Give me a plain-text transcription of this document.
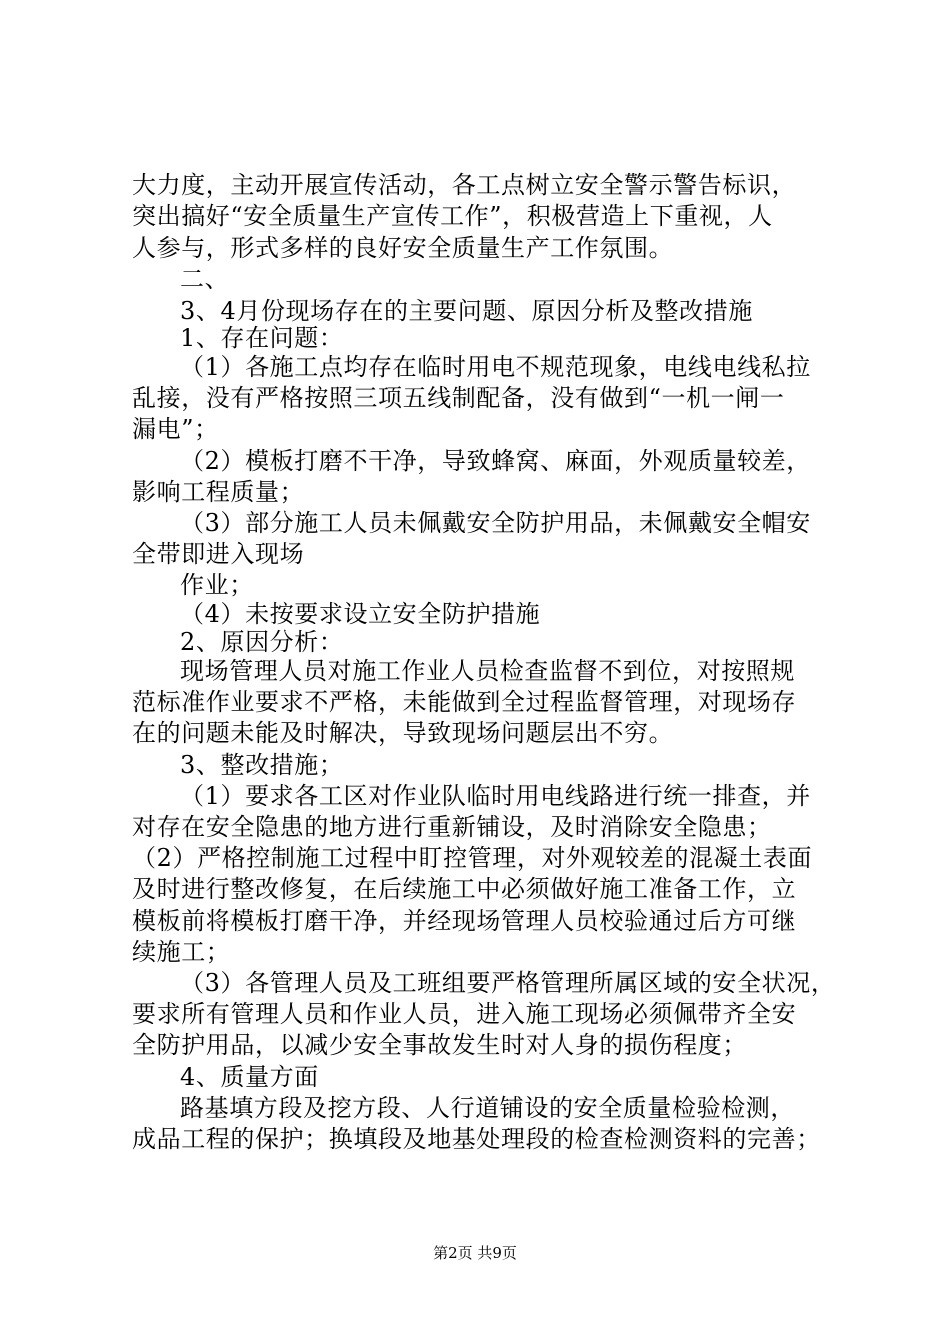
大力度，主动开展宣传活动，各工点树立安全警示警告标识，
突出搞好“安全质量生产宣传工作”，积极营造上下重视，人
人参与，形式多样的良好安全质量生产工作氛围。
二、
3、4月份现场存在的主要问题、原因分析及整改措施
1、存在问题：
（1）各施工点均存在临时用电不规范现象，电线电线私拉
乱接，没有严格按照三项五线制配备，没有做到“一机一闸一
漏电”；
（2）模板打磨不干净，导致蜂窝、麻面，外观质量较差，
影响工程质量；
（3）部分施工人员未佩戴安全防护用品，未佩戴安全帽安
全带即进入现场
作业；
（4）未按要求设立安全防护措施
2、原因分析：
现场管理人员对施工作业人员检查监督不到位，对按照规
范标准作业要求不严格，未能做到全过程监督管理，对现场存
在的问题未能及时解决，导致现场问题层出不穷。
3、整改措施；
（1）要求各工区对作业队临时用电线路进行统一排查，并
对存在安全隐患的地方进行重新铺设，及时消除安全隐患；
（2）严格控制施工过程中盯控管理，对外观较差的混凝土表面
及时进行整改修复，在后续施工中必须做好施工准备工作，立
模板前将模板打磨干净，并经现场管理人员校验通过后方可继
续施工；
（3）各管理人员及工班组要严格管理所属区域的安全状况，
要求所有管理人员和作业人员，进入施工现场必须佩带齐全安
全防护用品，以减少安全事故发生时对人身的损伤程度；
4、质量方面
路基填方段及挖方段、人行道铺设的安全质量检验检测，
成品工程的保护；换填段及地基处理段的检查检测资料的完善；
第2页 共9页
